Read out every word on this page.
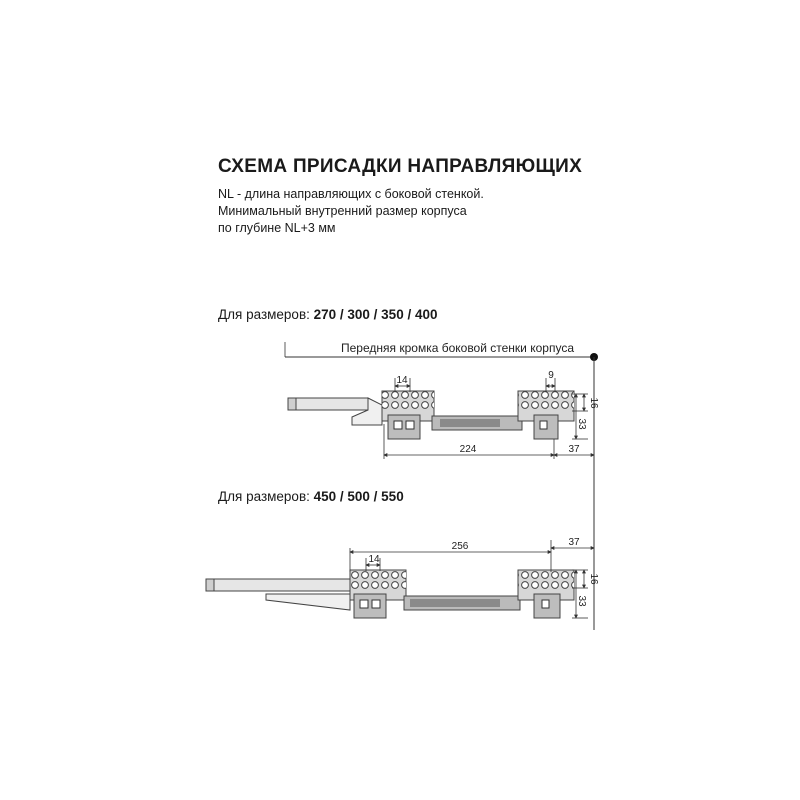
СХЕМА ПРИСАДКИ НАПРАВЛЯЮЩИХ
NL - длина направляющих с боковой стенкой.
Минимальный внутренний размер корпуса
по глубине NL+3 мм
Для размеров: 270 / 300 / 350 / 400
Для размеров: 450 / 500 / 550
Передняя кромка боковой стенки корпуса
14	9
16
33
224	37
14
256	37
16
33
